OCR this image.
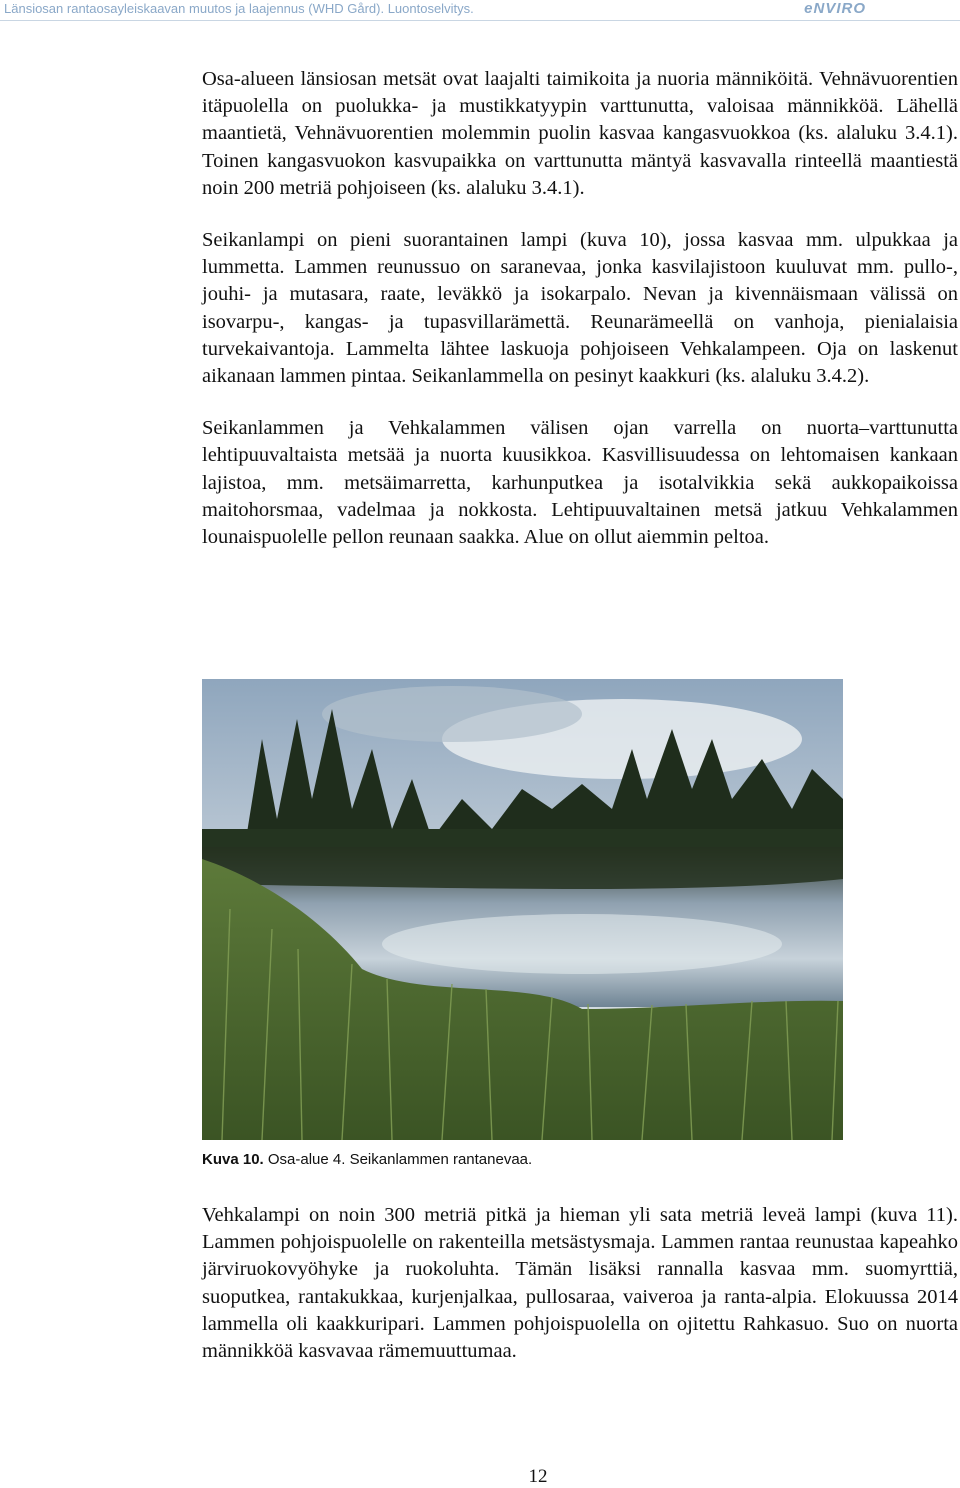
Länsiosan rantaosayleiskaavan muutos ja laajennus (WHD Gård). Luontoselvitys.	eNVIRO

Osa-alueen länsiosan metsät ovat laajalti taimikoita ja nuoria männiköitä. Vehnävuorentien itäpuolella on puolukka- ja mustikkatyypin varttunutta, valoisaa männikköä. Lähellä maantietä, Vehnävuorentien molemmin puolin kasvaa kangasvuokkoa (ks. alaluku 3.4.1). Toinen kangasvuokon kasvupaikka on varttunutta mäntyä kasvavalla rinteellä maantiestä noin 200 metriä pohjoiseen (ks. alaluku 3.4.1).

Seikanlampi on pieni suorantainen lampi (kuva 10), jossa kasvaa mm. ulpukkaa ja lummetta. Lammen reunussuo on saranevaa, jonka kasvilajistoon kuuluvat mm. pullo-, jouhi- ja mutasara, raate, leväkkö ja isokarpalo. Nevan ja kivennäismaan välissä on isovarpu-, kangas- ja tupasvillarämettä. Reunarämeellä on vanhoja, pienialaisia turvekaivantoja. Lammelta lähtee laskuoja pohjoiseen Vehkalampeen. Oja on laskenut aikanaan lammen pintaa. Seikanlammella on pesinyt kaakkuri (ks. alaluku 3.4.2).

Seikanlammen ja Vehkalammen välisen ojan varrella on nuorta–varttunutta lehtipuuvaltaista metsää ja nuorta kuusikkoa. Kasvillisuudessa on lehtomaisen kankaan lajistoa, mm. metsäimarretta, karhunputkea ja isotalvikkia sekä aukkopaikoissa maitohorsmaa, vadelmaa ja nokkosta. Lehtipuuvaltainen metsä jatkuu Vehkalammen lounaispuolelle pellon reunaan saakka. Alue on ollut aiemmin peltoa.

Kuva 10. Osa-alue 4. Seikanlammen rantanevaa.

Vehkalampi on noin 300 metriä pitkä ja hieman yli sata metriä leveä lampi (kuva 11). Lammen pohjoispuolelle on rakenteilla metsästysmaja. Lammen rantaa reunustaa kapeahko järviruokovyöhyke ja ruokoluhta. Tämän lisäksi rannalla kasvaa mm. suomyrttiä, suoputkea, rantakukkaa, kurjenjalkaa, pullosaraa, vaiveroa ja ranta-alpia. Elokuussa 2014 lammella oli kaakkuripari. Lammen pohjoispuolella on ojitettu Rahkasuo. Suo on nuorta männikköä kasvavaa rämemuuttumaa.

12
